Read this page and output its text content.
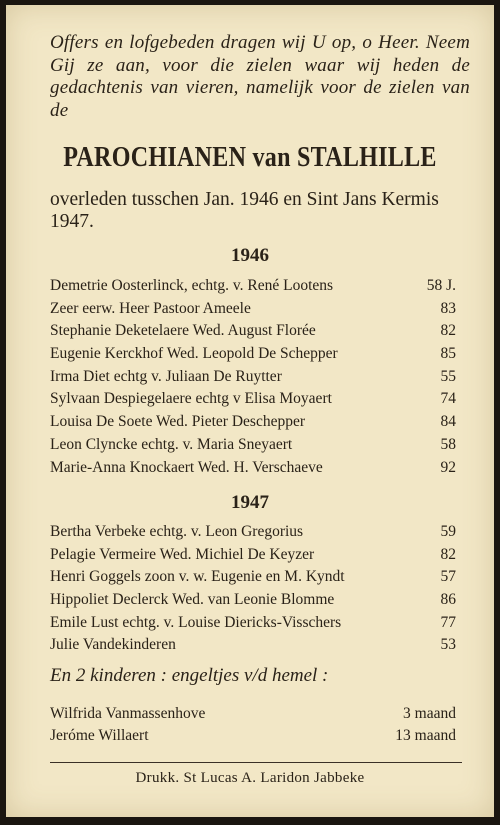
Offers en lofgebeden dragen wij U op, o Heer. Neem Gij ze aan, voor die zielen waar wij heden de gedachtenis van vieren, namelijk voor de zielen van de
PAROCHIANEN van STALHILLE
overleden tusschen Jan. 1946 en Sint Jans Kermis 1947.
1946
Demetrie Oosterlinck, echtg. v. René Lootens	58 J.
Zeer eerw. Heer Pastoor Ameele	83
Stephanie Deketelaere Wed. August Florée	82
Eugenie Kerckhof Wed. Leopold De Schepper	85
Irma Diet echtg v. Juliaan De Ruytter	55
Sylvaan Despiegelaere echtg v Elisa Moyaert	74
Louisa De Soete Wed. Pieter Deschepper	84
Leon Clyncke echtg. v. Maria Sneyaert	58
Marie-Anna Knockaert Wed. H. Verschaeve	92
1947
Bertha Verbeke echtg. v. Leon Gregorius	59
Pelagie Vermeire Wed. Michiel De Keyzer	82
Henri Goggels zoon v. w. Eugenie en M. Kyndt	57
Hippoliet Declerck Wed. van Leonie Blomme	86
Emile Lust echtg. v. Louise Diericks-Visschers	77
Julie Vandekinderen	53
En 2 kinderen : engeltjes v/d hemel :
Wilfrida Vanmassenhove	3 maand
Jeróme Willaert	13 maand
Drukk. St Lucas A. Laridon Jabbeke
